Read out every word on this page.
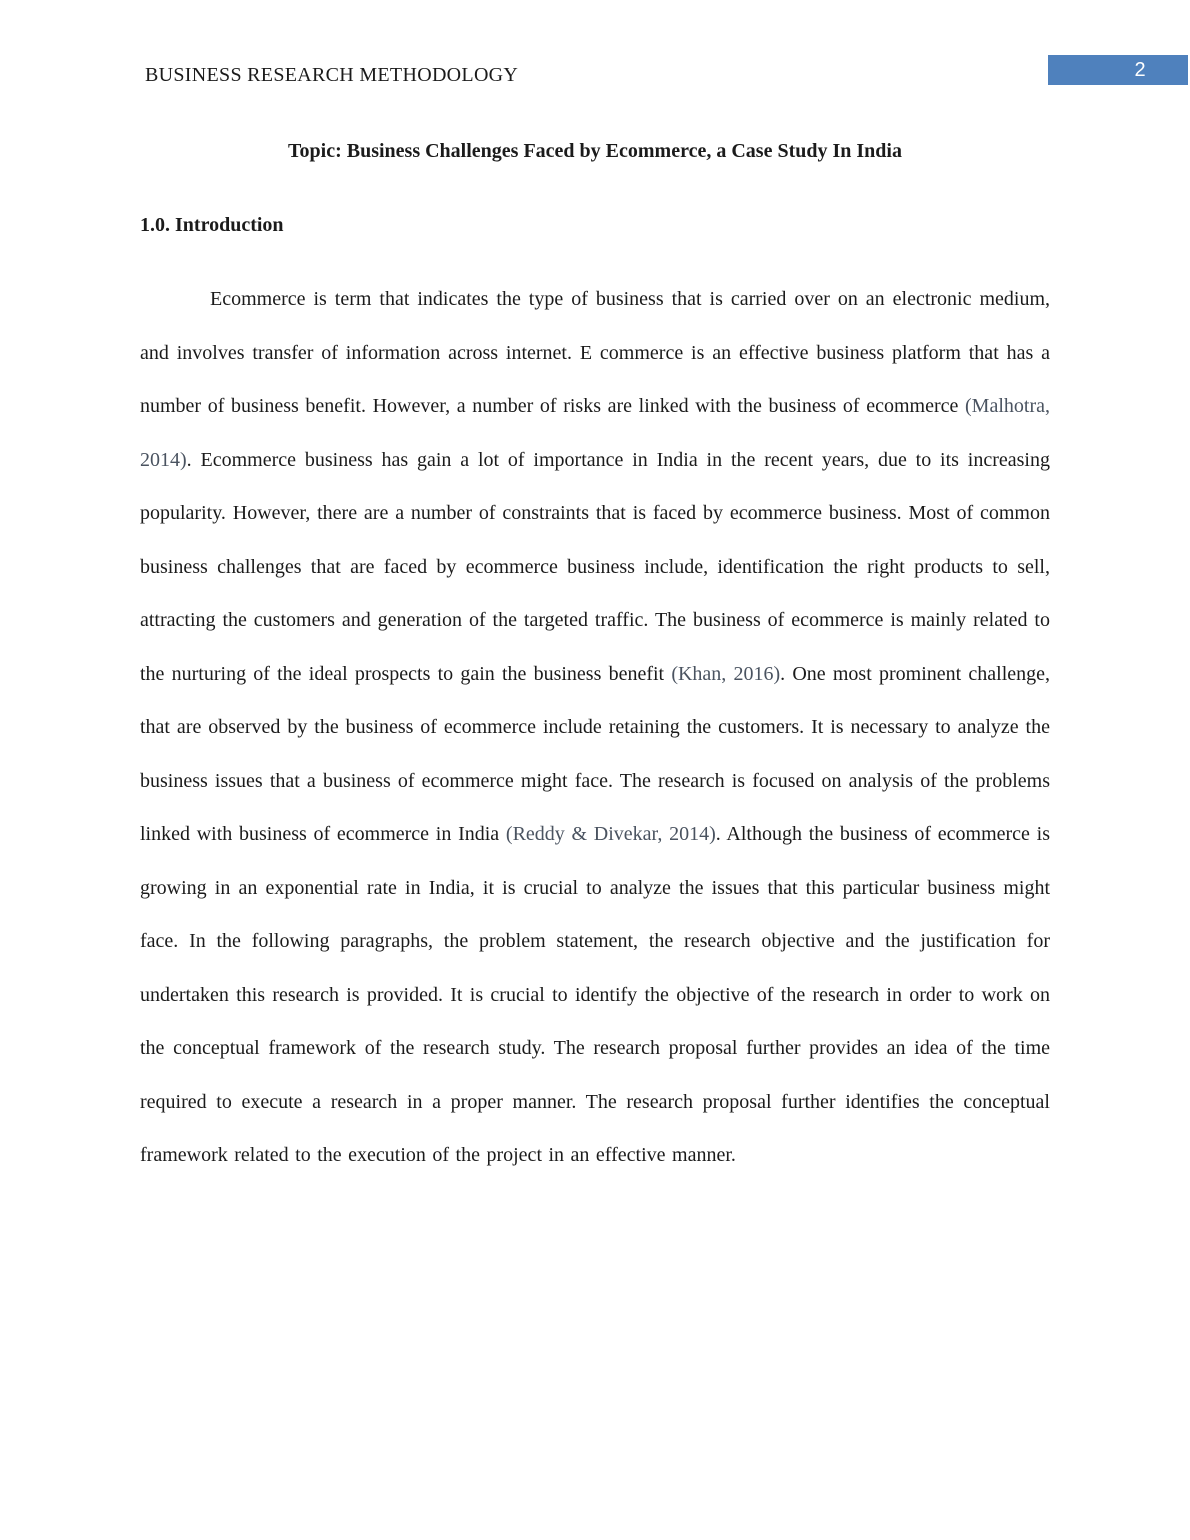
BUSINESS RESEARCH METHODOLOGY	2
Topic: Business Challenges Faced by Ecommerce, a Case Study In India
1.0. Introduction

Ecommerce is term that indicates the type of business that is carried over on an electronic medium, and involves transfer of information across internet. E commerce is an effective business platform that has a number of business benefit. However, a number of risks are linked with the business of ecommerce (Malhotra, 2014). Ecommerce business has gain a lot of importance in India in the recent years, due to its increasing popularity. However, there are a number of constraints that is faced by ecommerce business. Most of common business challenges that are faced by ecommerce business include, identification the right products to sell, attracting the customers and generation of the targeted traffic. The business of ecommerce is mainly related to the nurturing of the ideal prospects to gain the business benefit (Khan, 2016). One most prominent challenge, that are observed by the business of ecommerce include retaining the customers. It is necessary to analyze the business issues that a business of ecommerce might face. The research is focused on analysis of the problems linked with business of ecommerce in India (Reddy & Divekar, 2014). Although the business of ecommerce is growing in an exponential rate in India, it is crucial to analyze the issues that this particular business might face. In the following paragraphs, the problem statement, the research objective and the justification for undertaken this research is provided. It is crucial to identify the objective of the research in order to work on the conceptual framework of the research study. The research proposal further provides an idea of the time required to execute a research in a proper manner. The research proposal further identifies the conceptual framework related to the execution of the project in an effective manner.
